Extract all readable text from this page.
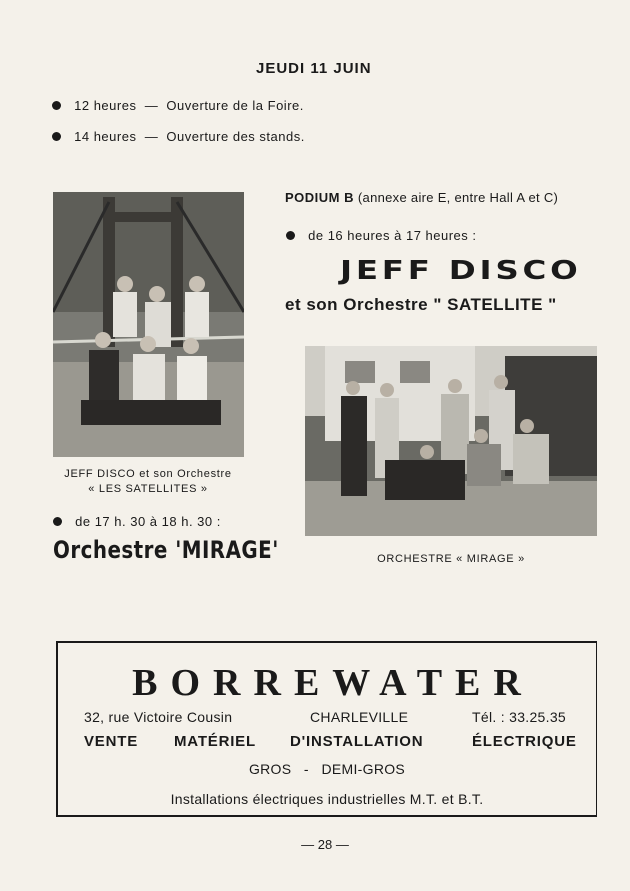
JEUDI 11 JUIN
12 heures — Ouverture de la Foire.
14 heures — Ouverture des stands.
JEFF DISCO et son Orchestre
« LES SATELLITES »
de 17 h. 30 à 18 h. 30 :
Orchestre 'MIRAGE'
PODIUM B (annexe aire E, entre Hall A et C)
de 16 heures à 17 heures :
JEFF DISCO
et son Orchestre " SATELLITE "
ORCHESTRE « MIRAGE »
BORREWATER
32, rue Victoire Cousin	CHARLEVILLE	Tél. : 33.25.35
VENTE MATÉRIEL D'INSTALLATION	ÉLECTRIQUE
GROS   -   DEMI-GROS
Installations électriques industrielles M.T. et B.T.
— 28 —
